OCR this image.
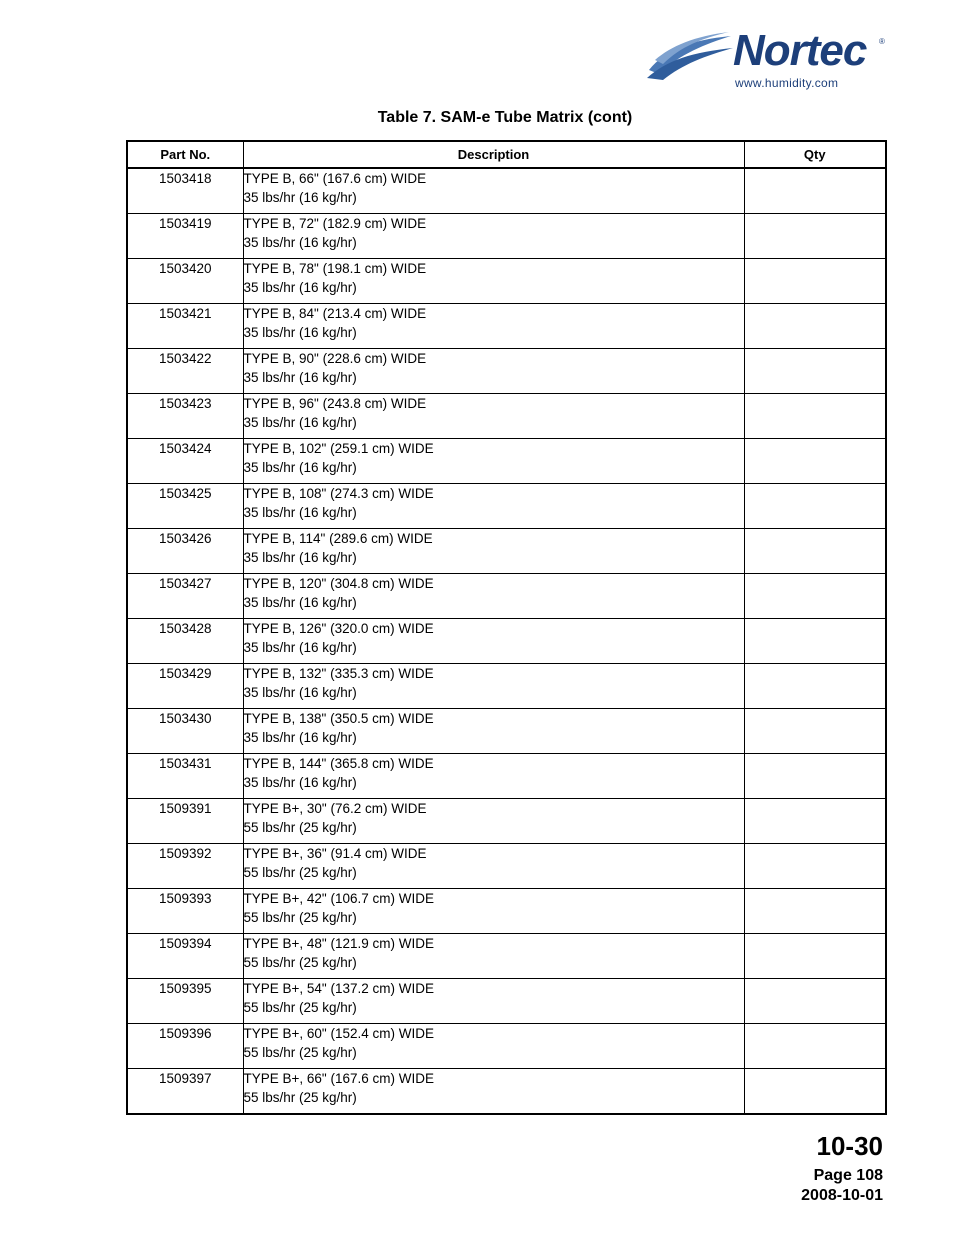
Nortec ®
www.humidity.com
Table 7. SAM-e Tube Matrix (cont)
Part No.	Description	Qty
1503418	TYPE B, 66" (167.6 cm) WIDE
35 lbs/hr (16 kg/hr)	

1503419	TYPE B, 72" (182.9 cm) WIDE
35 lbs/hr (16 kg/hr)	

1503420	TYPE B, 78" (198.1 cm) WIDE
35 lbs/hr (16 kg/hr)	

1503421	TYPE B, 84" (213.4 cm) WIDE
35 lbs/hr (16 kg/hr)	

1503422	TYPE B, 90" (228.6 cm) WIDE
35 lbs/hr (16 kg/hr)	

1503423	TYPE B, 96" (243.8 cm) WIDE
35 lbs/hr (16 kg/hr)	

1503424	TYPE B, 102" (259.1 cm) WIDE
35 lbs/hr (16 kg/hr)	

1503425	TYPE B, 108" (274.3 cm) WIDE
35 lbs/hr (16 kg/hr)	

1503426	TYPE B, 114" (289.6 cm) WIDE
35 lbs/hr (16 kg/hr)	

1503427	TYPE B, 120" (304.8 cm) WIDE
35 lbs/hr (16 kg/hr)	

1503428	TYPE B, 126" (320.0 cm) WIDE
35 lbs/hr (16 kg/hr)	

1503429	TYPE B, 132" (335.3 cm) WIDE
35 lbs/hr (16 kg/hr)	

1503430	TYPE B, 138" (350.5 cm) WIDE
35 lbs/hr (16 kg/hr)	

1503431	TYPE B, 144" (365.8 cm) WIDE
35 lbs/hr (16 kg/hr)	

1509391	TYPE B+, 30" (76.2 cm) WIDE
55 lbs/hr (25 kg/hr)	

1509392	TYPE B+, 36" (91.4 cm) WIDE
55 lbs/hr (25 kg/hr)	

1509393	TYPE B+, 42" (106.7 cm) WIDE
55 lbs/hr (25 kg/hr)	

1509394	TYPE B+, 48" (121.9 cm) WIDE
55 lbs/hr (25 kg/hr)	

1509395	TYPE B+, 54" (137.2 cm) WIDE
55 lbs/hr (25 kg/hr)	

1509396	TYPE B+, 60" (152.4 cm) WIDE
55 lbs/hr (25 kg/hr)	

1509397	TYPE B+, 66" (167.6 cm) WIDE
55 lbs/hr (25 kg/hr)	

10-30
Page 108
2008-10-01
